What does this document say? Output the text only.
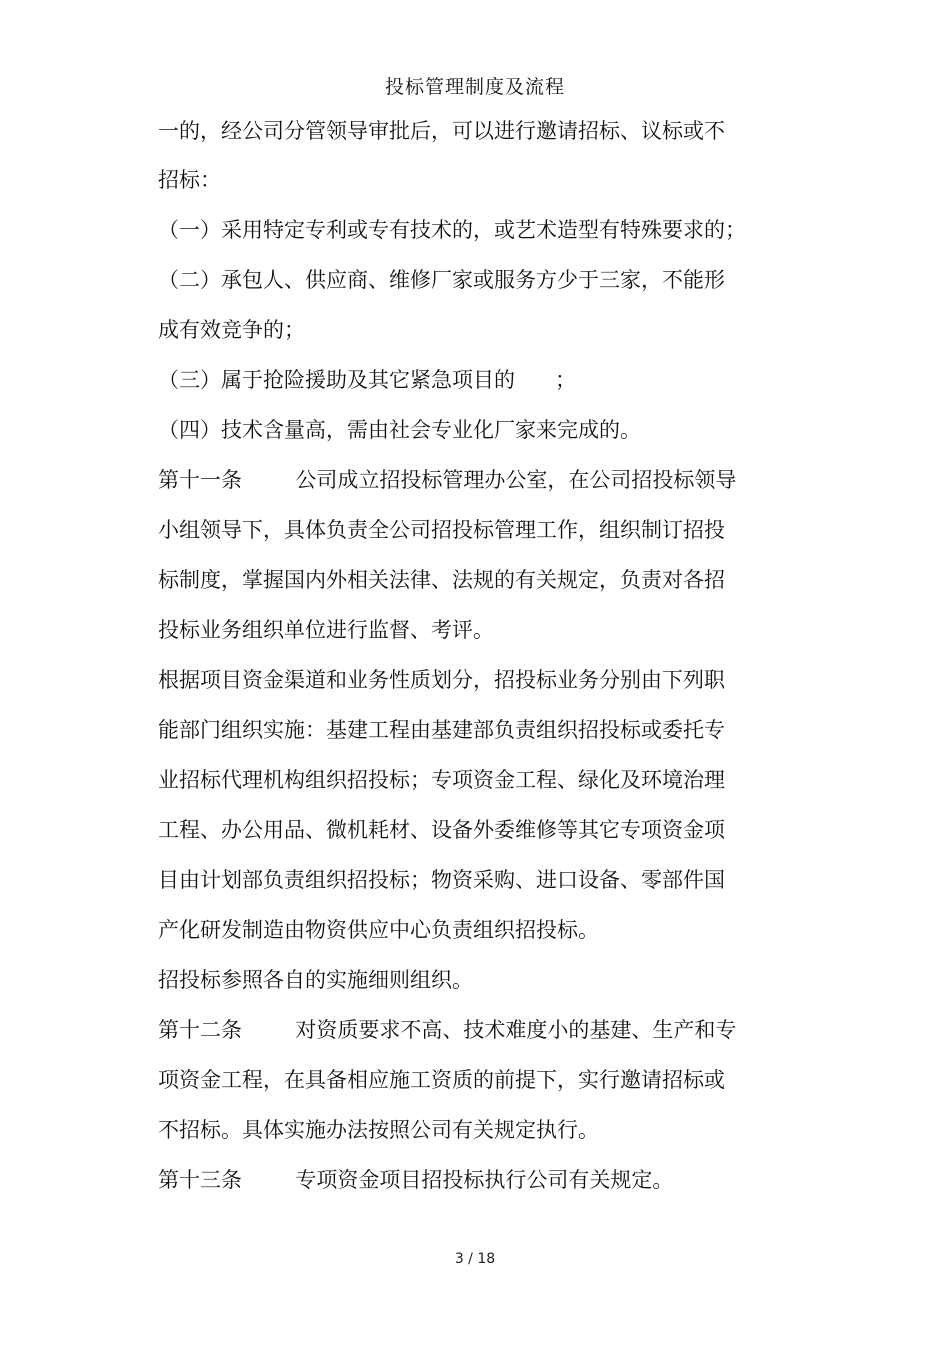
投标管理制度及流程
一的，经公司分管领导审批后，可以进行邀请招标、议标或不
招标：
（一）采用特定专利或专有技术的，或艺术造型有特殊要求的；
（二）承包人、供应商、维修厂家或服务方少于三家，不能形
成有效竞争的；
（三）属于抢险援助及其它紧急项目的      ；
（四）技术含量高，需由社会专业化厂家来完成的。
第十一条        公司成立招投标管理办公室，在公司招投标领导
小组领导下，具体负责全公司招投标管理工作，组织制订招投
标制度，掌握国内外相关法律、法规的有关规定，负责对各招
投标业务组织单位进行监督、考评。
根据项目资金渠道和业务性质划分，招投标业务分别由下列职
能部门组织实施：基建工程由基建部负责组织招投标或委托专
业招标代理机构组织招投标；专项资金工程、绿化及环境治理
工程、办公用品、微机耗材、设备外委维修等其它专项资金项
目由计划部负责组织招投标；物资采购、进口设备、零部件国
产化研发制造由物资供应中心负责组织招投标。
招投标参照各自的实施细则组织。
第十二条        对资质要求不高、技术难度小的基建、生产和专
项资金工程，在具备相应施工资质的前提下，实行邀请招标或
不招标。具体实施办法按照公司有关规定执行。
第十三条        专项资金项目招投标执行公司有关规定。
3 / 18
